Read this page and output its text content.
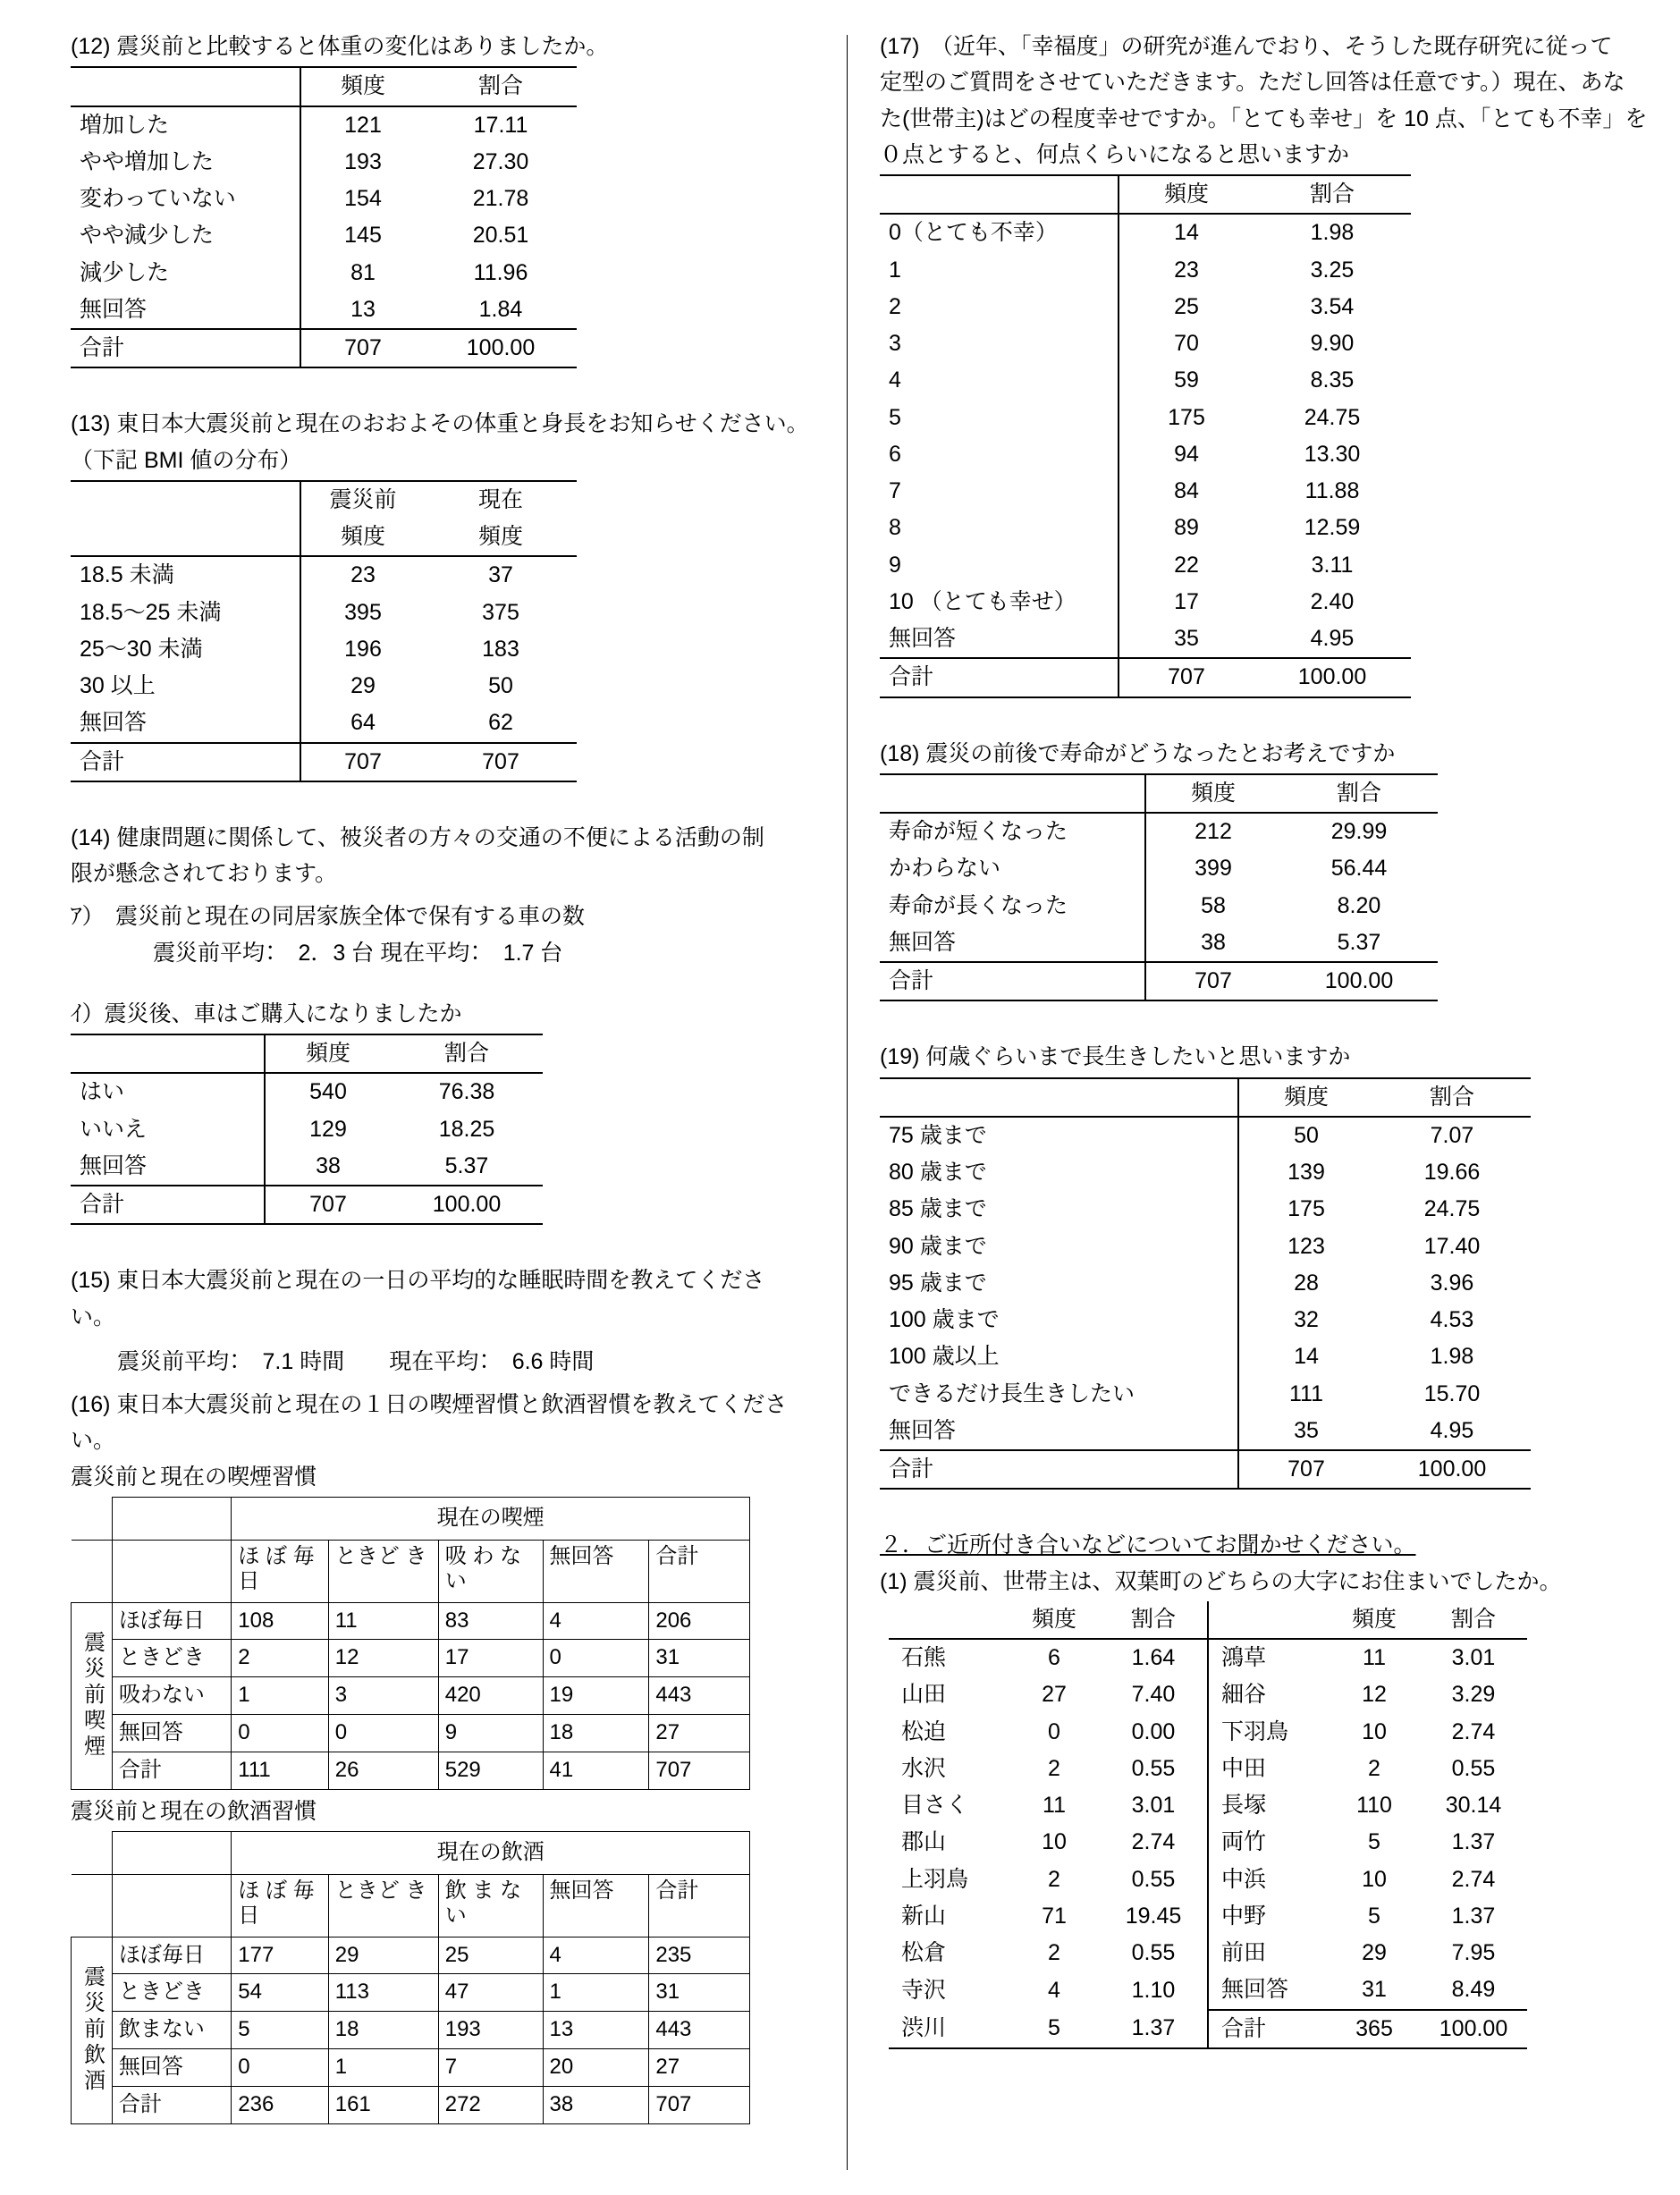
(12) 震災前と比較すると体重の変化はありましたか。
	頻度	割合
増加した	121	17.11
やや増加した	193	27.30
変わっていない	154	21.78
やや減少した	145	20.51
減少した	81	11.96
無回答	13	1.84
合計	707	100.00
(13) 東日本大震災前と現在のおおよその体重と身長をお知らせください。
（下記 BMI 値の分布）
	震災前	現在
	頻度	頻度
18.5 未満	23	37
18.5〜25 未満	395	375
25〜30 未満	196	183
30 以上	29	50
無回答	64	62
合計	707	707
(14) 健康問題に関係して、被災者の方々の交通の不便による活動の制
限が懸念されております。
ｱ）　震災前と現在の同居家族全体で保有する車の数
震災前平均：　2．3 台 現在平均：　1.7 台
ｲ）震災後、車はご購入になりましたか
	頻度	割合
はい	540	76.38
いいえ	129	18.25
無回答	38	5.37
合計	707	100.00
(15) 東日本大震災前と現在の一日の平均的な睡眠時間を教えてくださ
い。
震災前平均：　7.1 時間　　現在平均：　6.6 時間
(16) 東日本大震災前と現在の１日の喫煙習慣と飲酒習慣を教えてくださ
い。
震災前と現在の喫煙習慣
		現在の喫煙				
		ほ ぼ 毎日	ときど き	吸 わ ない	無回答	合計
震災前喫煙	ほぼ毎日	108	11	83	4	206
	ときどき	2	12	17	0	31
	吸わない	1	3	420	19	443
	無回答	0	0	9	18	27
	合計	111	26	529	41	707
震災前と現在の飲酒習慣
		現在の飲酒				
		ほ ぼ 毎日	ときど き	飲 ま ない	無回答	合計
震災前飲酒	ほぼ毎日	177	29	25	4	235
	ときどき	54	113	47	1	31
	飲まない	5	18	193	13	443
	無回答	0	1	7	20	27
	合計	236	161	272	38	707
(17)　（近年、「幸福度」の研究が進んでおり、そうした既存研究に従って
定型のご質問をさせていただきます。ただし回答は任意です。）現在、あな
た(世帯主)はどの程度幸せですか。「とても幸せ」を 10 点、「とても不幸」を
０点とすると、何点くらいになると思いますか
	頻度	割合
0（とても不幸）	14	1.98
1	23	3.25
2	25	3.54
3	70	9.90
4	59	8.35
5	175	24.75
6	94	13.30
7	84	11.88
8	89	12.59
9	22	3.11
10 （とても幸せ）	17	2.40
無回答	35	4.95
合計	707	100.00
(18) 震災の前後で寿命がどうなったとお考えですか
	頻度	割合
寿命が短くなった	212	29.99
かわらない	399	56.44
寿命が長くなった	58	8.20
無回答	38	5.37
合計	707	100.00
(19) 何歳ぐらいまで長生きしたいと思いますか
	頻度	割合
75 歳まで	50	7.07
80 歳まで	139	19.66
85 歳まで	175	24.75
90 歳まで	123	17.40
95 歳まで	28	3.96
100 歳まで	32	4.53
100 歳以上	14	1.98
できるだけ長生きしたい	111	15.70
無回答	35	4.95
合計	707	100.00
２．ご近所付き合いなどについてお聞かせください。
(1) 震災前、世帯主は、双葉町のどちらの大字にお住まいでしたか。
	頻度	割合		頻度	割合
石熊	6	1.64	鴻草	11	3.01
山田	27	7.40	細谷	12	3.29
松迫	0	0.00	下羽鳥	10	2.74
水沢	2	0.55	中田	2	0.55
目さく	11	3.01	長塚	110	30.14
郡山	10	2.74	両竹	5	1.37
上羽鳥	2	0.55	中浜	10	2.74
新山	71	19.45	中野	5	1.37
松倉	2	0.55	前田	29	7.95
寺沢	4	1.10	無回答	31	8.49
渋川	5	1.37	合計	365	100.00
